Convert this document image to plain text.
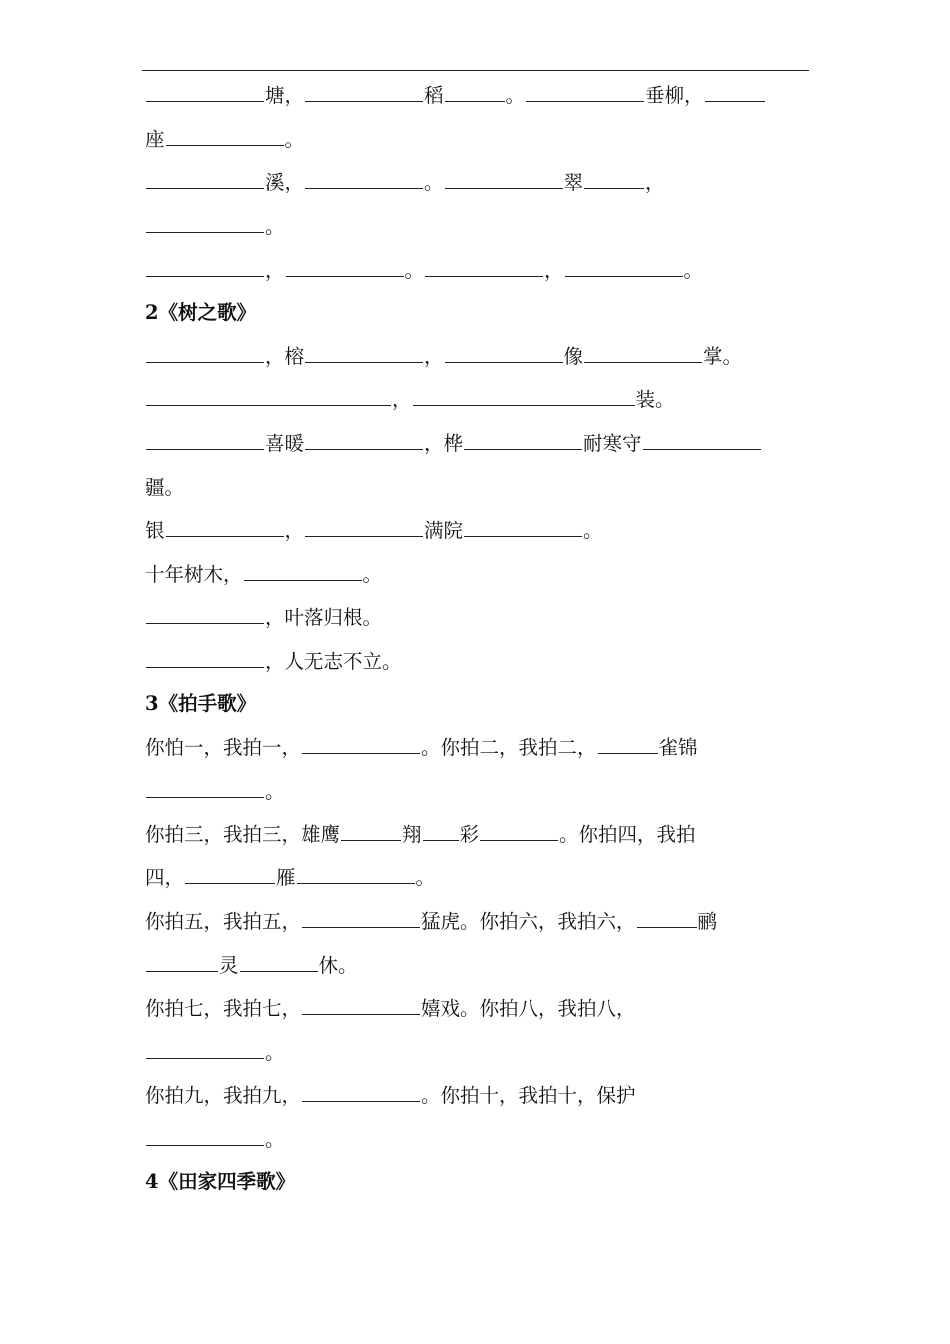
塘，	稻	。	垂柳，
座	。
溪，	。	翠	，
。
，	。	，	。
2《树之歌》
，榕	，	像	掌。
，	装。
喜暖	，桦	耐寒守
疆。
银	，	满院	。
十年树木，	。
，叶落归根。
，人无志不立。
3《拍手歌》
你怕一，我拍一，	。你拍二，我拍二，	雀锦
。
你拍三，我拍三，雄鹰	翔 彩	。你拍四，我拍
四，	雁	。
你拍五，我拍五，	猛虎。你拍六，我拍六，	鹂
灵	休。
你拍七，我拍七，	嬉戏。你拍八，我拍八，
。
你拍九，我拍九，	。你拍十，我拍十，保护
。
4《田家四季歌》
